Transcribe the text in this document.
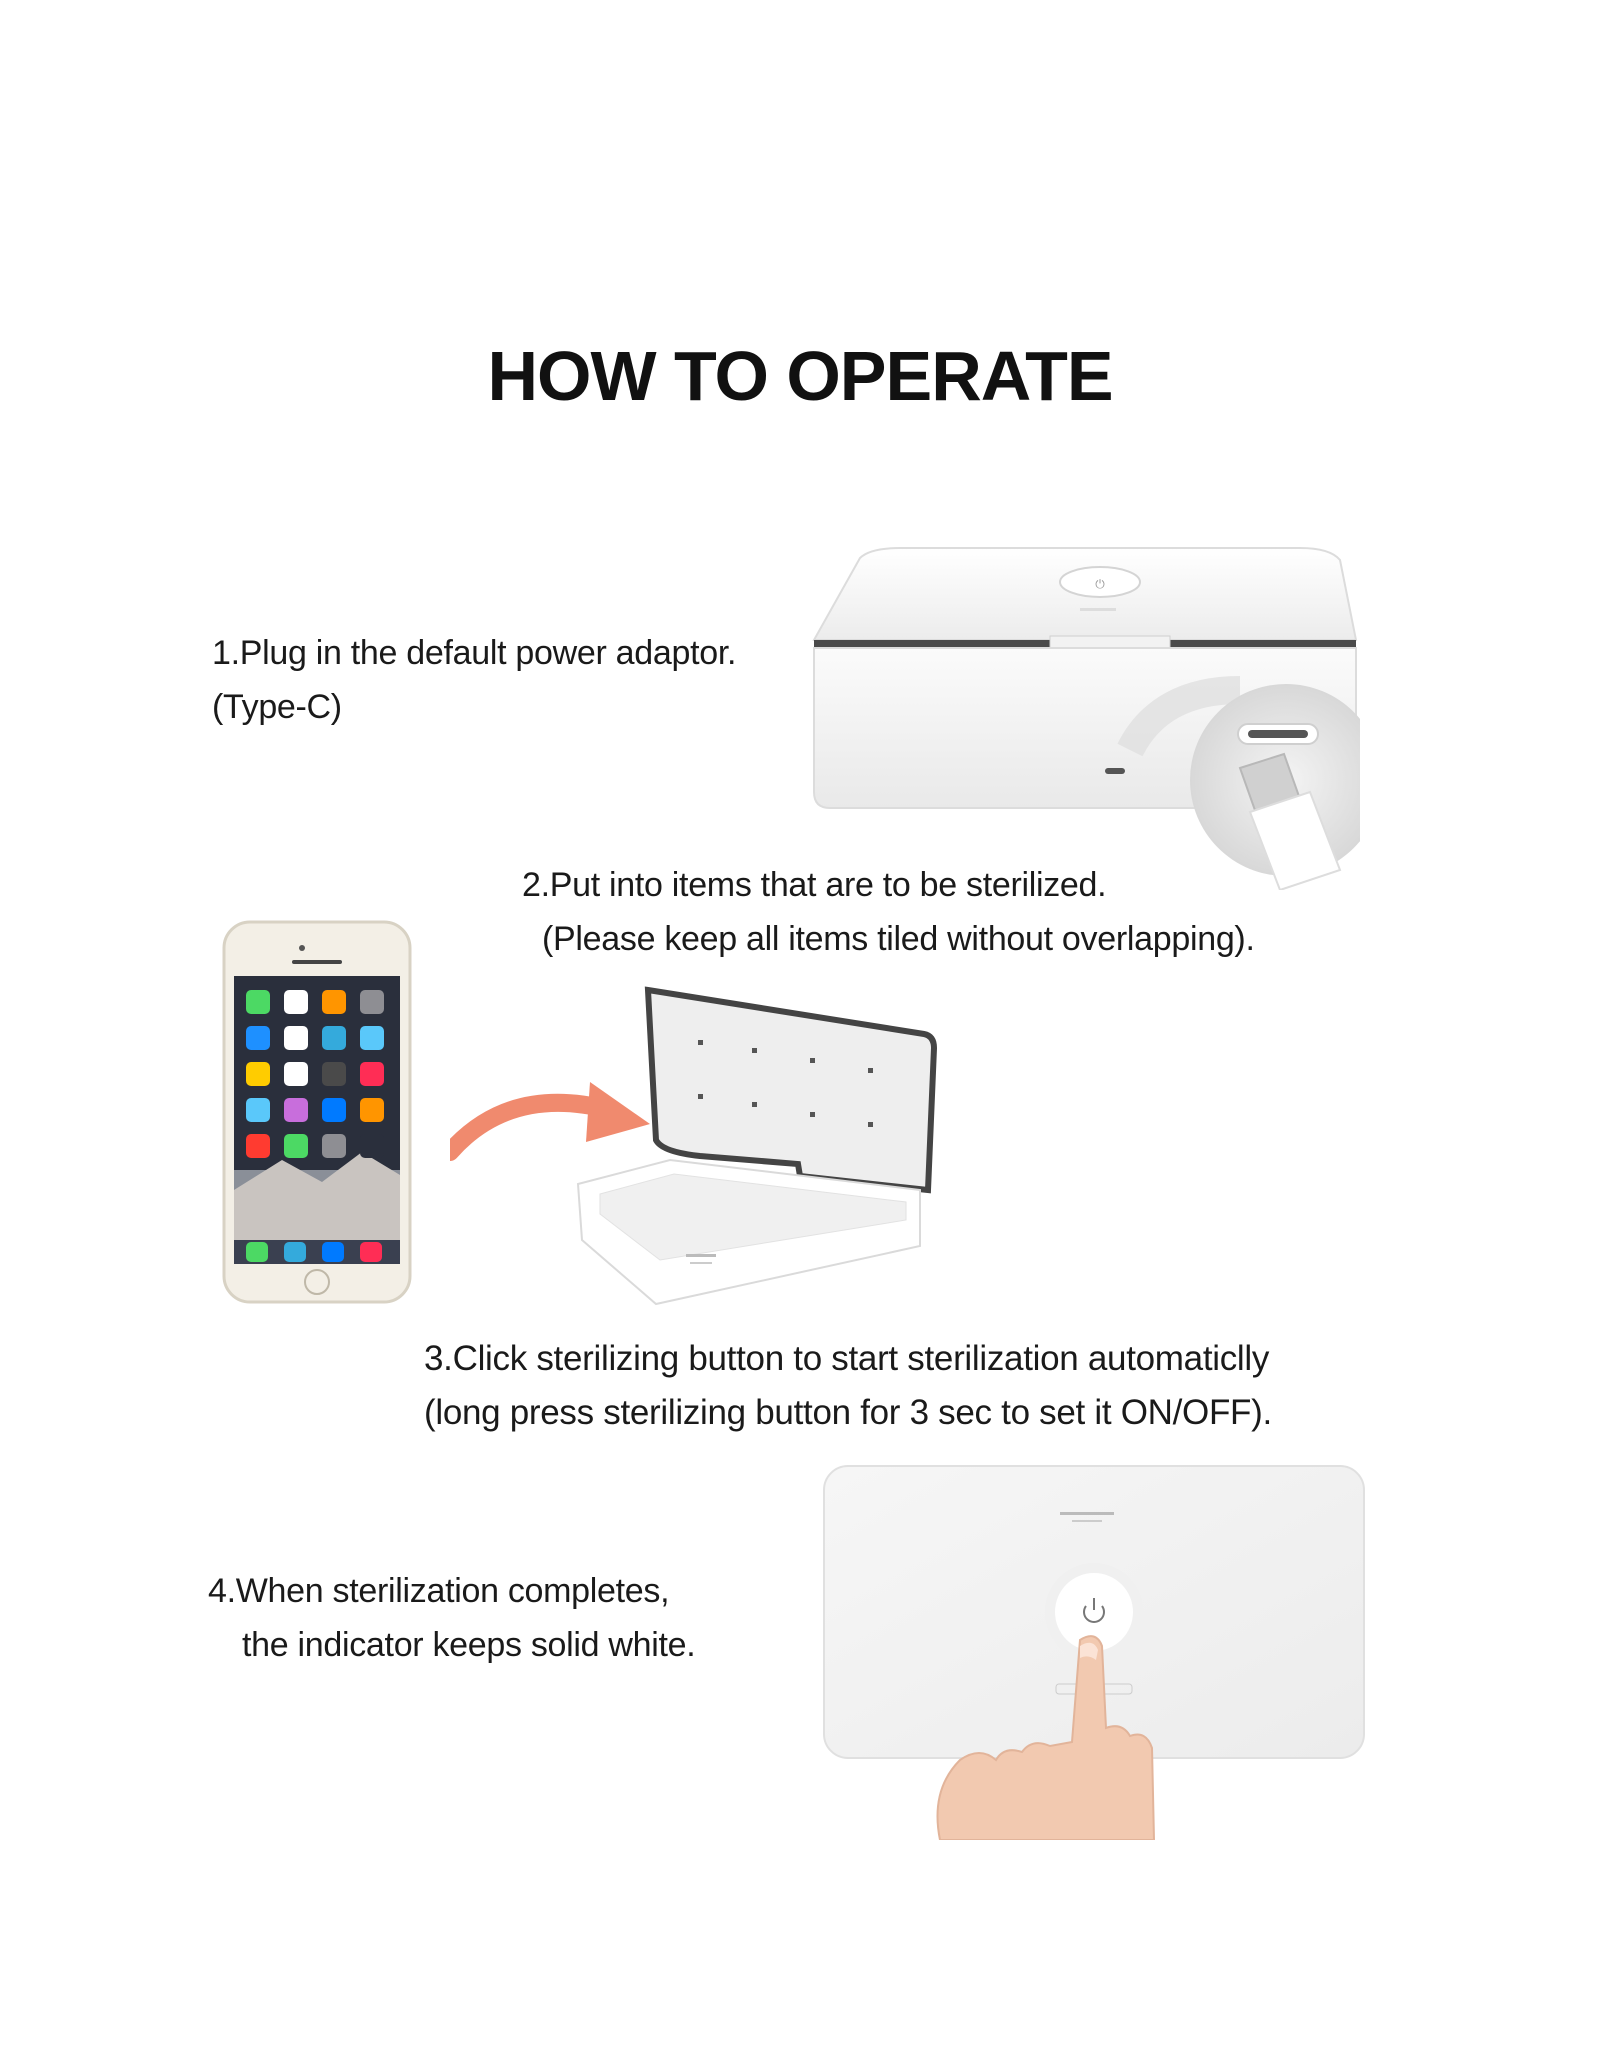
HOW TO OPERATE
1.Plug in the default power adaptor.
(Type-C)
⏻
2.Put into items that are to be sterilized.
(Please keep all items tiled without overlapping).
3.Click sterilizing button to start sterilization automaticlly
(long press sterilizing button for 3 sec to set it ON/OFF).
4.When sterilization completes,
the indicator keeps solid white.
